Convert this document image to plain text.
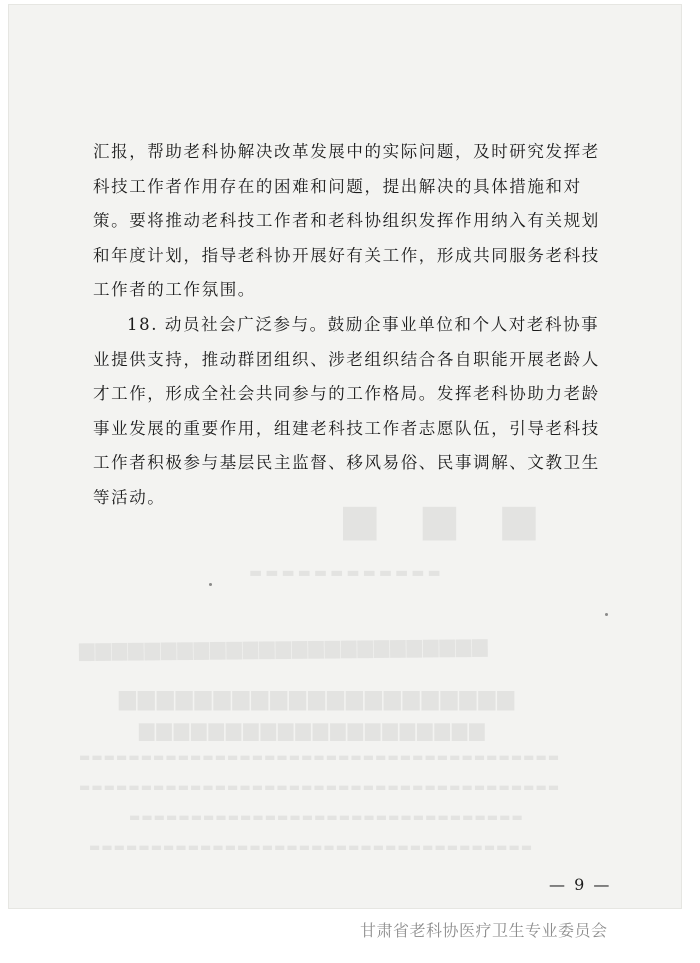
■■■
▬▬▬▬▬▬▬▬▬▬▬▬
▆▆▆▆▆▆▆▆▆▆▆▆▆▆▆▆▆▆▆▆▆▆▆▆▆
▆▆▆▆▆▆▆▆▆▆▆▆▆▆▆▆▆▆▆▆▆
▆▆▆▆▆▆▆▆▆▆▆▆▆▆▆▆▆▆▆▆
▬▬▬▬▬▬▬▬▬▬▬▬▬▬▬▬▬▬▬▬▬▬▬▬▬▬▬▬▬▬▬▬▬▬▬▬▬▬▬
▬▬▬▬▬▬▬▬▬▬▬▬▬▬▬▬▬▬▬▬▬▬▬▬▬▬▬▬▬▬▬▬▬▬▬▬▬▬▬
▬▬▬▬▬▬▬▬▬▬▬▬▬▬▬▬▬▬▬▬▬▬▬▬▬▬▬▬▬▬▬▬
▬▬▬▬▬▬▬▬▬▬▬▬▬▬▬▬▬▬▬▬▬▬▬▬▬▬▬▬▬▬▬▬▬▬▬▬
汇报，帮助老科协解决改革发展中的实际问题，及时研究发挥老
科技工作者作用存在的困难和问题，提出解决的具体措施和对
策。要将推动老科技工作者和老科协组织发挥作用纳入有关规划
和年度计划，指导老科协开展好有关工作，形成共同服务老科技
工作者的工作氛围。
18. 动员社会广泛参与。鼓励企事业单位和个人对老科协事
业提供支持，推动群团组织、涉老组织结合各自职能开展老龄人
才工作，形成全社会共同参与的工作格局。发挥老科协助力老龄
事业发展的重要作用，组建老科技工作者志愿队伍，引导老科技
工作者积极参与基层民主监督、移风易俗、民事调解、文教卫生
等活动。
— 9 —
甘肃省老科协医疗卫生专业委员会
